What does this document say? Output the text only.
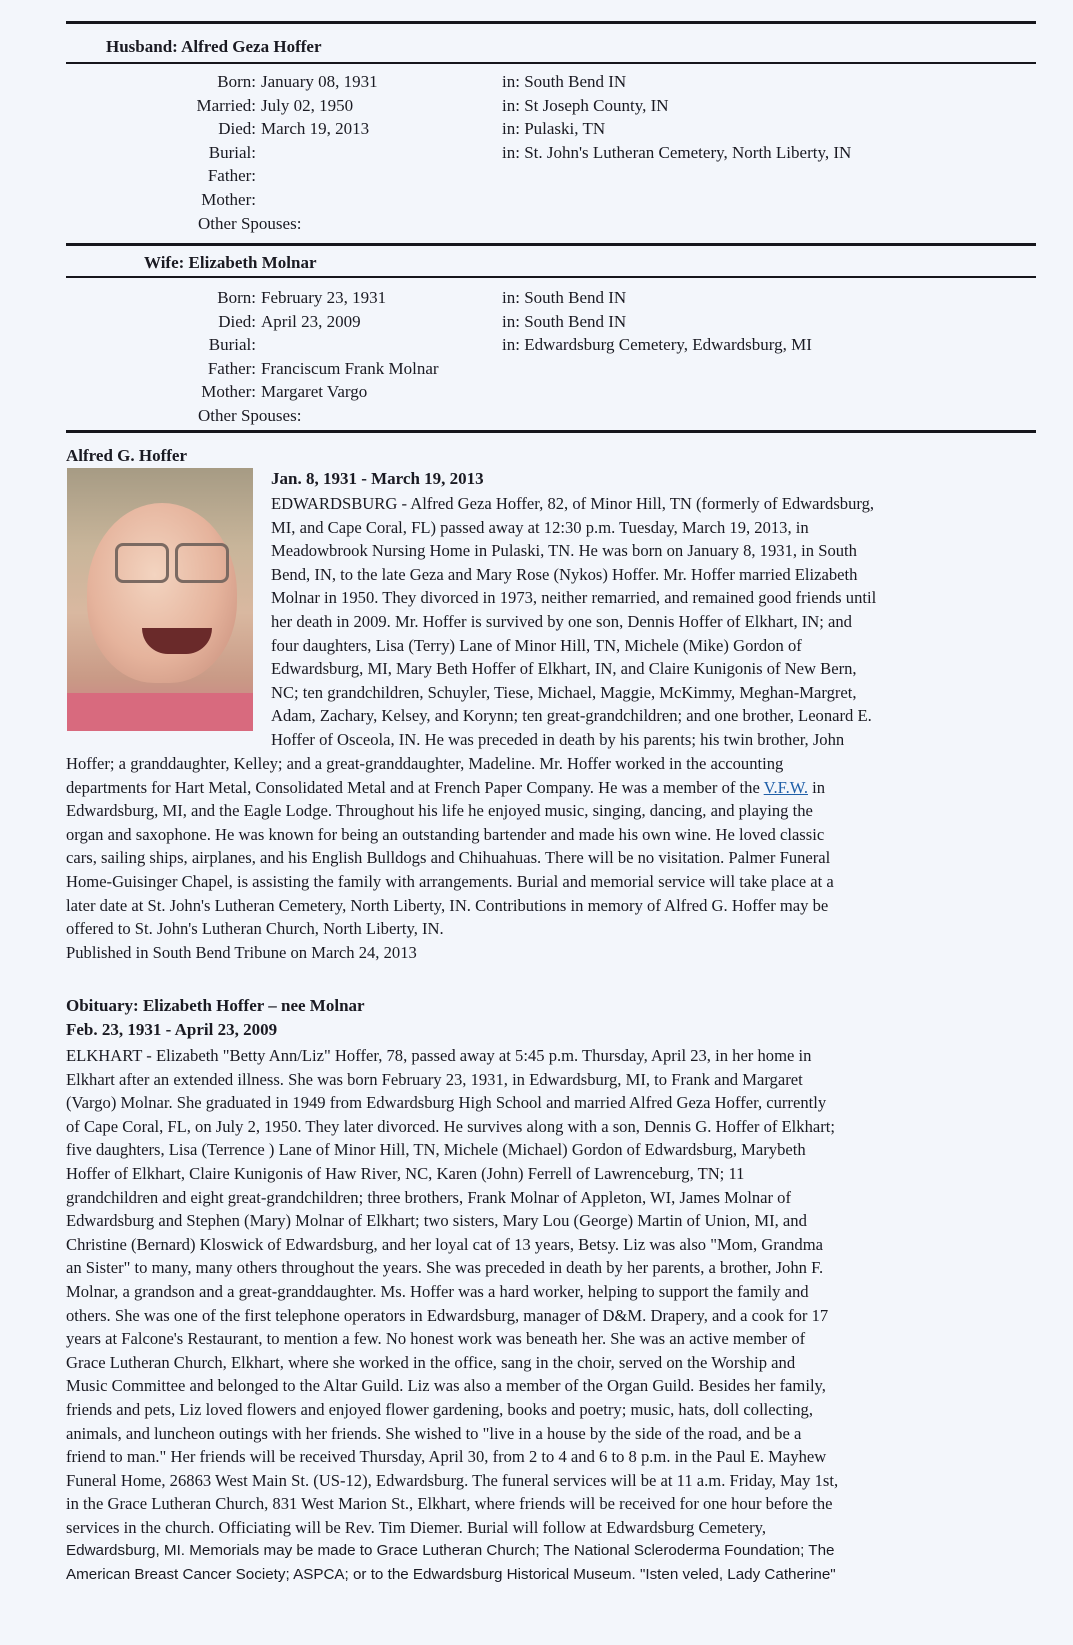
Husband: Alfred Geza Hoffer
Born: January 08, 1931	in: South Bend IN
Married: July 02, 1950	in: St Joseph County, IN
Died: March 19, 2013	in: Pulaski, TN
Burial:	in: St. John's Lutheran Cemetery, North Liberty, IN
Father:
Mother:
Other Spouses:
Wife: Elizabeth Molnar
Born: February 23, 1931	in: South Bend IN
Died: April 23, 2009	in: South Bend IN
Burial:	in: Edwardsburg Cemetery, Edwardsburg, MI
Father: Franciscum Frank Molnar
Mother: Margaret Vargo
Other Spouses:
Alfred G. Hoffer
Jan. 8, 1931 - March 19, 2013
EDWARDSBURG - Alfred Geza Hoffer, 82, of Minor Hill, TN (formerly of Edwardsburg,
MI, and Cape Coral, FL) passed away at 12:30 p.m. Tuesday, March 19, 2013, in
Meadowbrook Nursing Home in Pulaski, TN. He was born on January 8, 1931, in South
Bend, IN, to the late Geza and Mary Rose (Nykos) Hoffer. Mr. Hoffer married Elizabeth
Molnar in 1950. They divorced in 1973, neither remarried, and remained good friends until
her death in 2009. Mr. Hoffer is survived by one son, Dennis Hoffer of Elkhart, IN; and
four daughters, Lisa (Terry) Lane of Minor Hill, TN, Michele (Mike) Gordon of
Edwardsburg, MI, Mary Beth Hoffer of Elkhart, IN, and Claire Kunigonis of New Bern,
NC; ten grandchildren, Schuyler, Tiese, Michael, Maggie, McKimmy, Meghan-Margret,
Adam, Zachary, Kelsey, and Korynn; ten great-grandchildren; and one brother, Leonard E.
Hoffer of Osceola, IN. He was preceded in death by his parents; his twin brother, John
Hoffer; a granddaughter, Kelley; and a great-granddaughter, Madeline. Mr. Hoffer worked in the accounting
departments for Hart Metal, Consolidated Metal and at French Paper Company. He was a member of the V.F.W. in
Edwardsburg, MI, and the Eagle Lodge. Throughout his life he enjoyed music, singing, dancing, and playing the
organ and saxophone. He was known for being an outstanding bartender and made his own wine. He loved classic
cars, sailing ships, airplanes, and his English Bulldogs and Chihuahuas. There will be no visitation. Palmer Funeral
Home-Guisinger Chapel, is assisting the family with arrangements. Burial and memorial service will take place at a
later date at St. John's Lutheran Cemetery, North Liberty, IN. Contributions in memory of Alfred G. Hoffer may be
offered to St. John's Lutheran Church, North Liberty, IN.
Published in South Bend Tribune on March 24, 2013
Obituary: Elizabeth Hoffer – nee Molnar
Feb. 23, 1931 - April 23, 2009
ELKHART - Elizabeth "Betty Ann/Liz" Hoffer, 78, passed away at 5:45 p.m. Thursday, April 23, in her home in
Elkhart after an extended illness. She was born February 23, 1931, in Edwardsburg, MI, to Frank and Margaret
(Vargo) Molnar. She graduated in 1949 from Edwardsburg High School and married Alfred Geza Hoffer, currently
of Cape Coral, FL, on July 2, 1950. They later divorced. He survives along with a son, Dennis G. Hoffer of Elkhart;
five daughters, Lisa (Terrence ) Lane of Minor Hill, TN, Michele (Michael) Gordon of Edwardsburg, Marybeth
Hoffer of Elkhart, Claire Kunigonis of Haw River, NC, Karen (John) Ferrell of Lawrenceburg, TN; 11
grandchildren and eight great-grandchildren; three brothers, Frank Molnar of Appleton, WI, James Molnar of
Edwardsburg and Stephen (Mary) Molnar of Elkhart; two sisters, Mary Lou (George) Martin of Union, MI, and
Christine (Bernard) Kloswick of Edwardsburg, and her loyal cat of 13 years, Betsy. Liz was also "Mom, Grandma
an Sister" to many, many others throughout the years. She was preceded in death by her parents, a brother, John F.
Molnar, a grandson and a great-granddaughter. Ms. Hoffer was a hard worker, helping to support the family and
others. She was one of the first telephone operators in Edwardsburg, manager of D&M. Drapery, and a cook for 17
years at Falcone's Restaurant, to mention a few. No honest work was beneath her. She was an active member of
Grace Lutheran Church, Elkhart, where she worked in the office, sang in the choir, served on the Worship and
Music Committee and belonged to the Altar Guild. Liz was also a member of the Organ Guild. Besides her family,
friends and pets, Liz loved flowers and enjoyed flower gardening, books and poetry; music, hats, doll collecting,
animals, and luncheon outings with her friends. She wished to "live in a house by the side of the road, and be a
friend to man." Her friends will be received Thursday, April 30, from 2 to 4 and 6 to 8 p.m. in the Paul E. Mayhew
Funeral Home, 26863 West Main St. (US-12), Edwardsburg. The funeral services will be at 11 a.m. Friday, May 1st,
in the Grace Lutheran Church, 831 West Marion St., Elkhart, where friends will be received for one hour before the
services in the church. Officiating will be Rev. Tim Diemer. Burial will follow at Edwardsburg Cemetery,
Edwardsburg, MI. Memorials may be made to Grace Lutheran Church; The National Scleroderma Foundation; The
American Breast Cancer Society; ASPCA; or to the Edwardsburg Historical Museum. "Isten veled, Lady Catherine"
